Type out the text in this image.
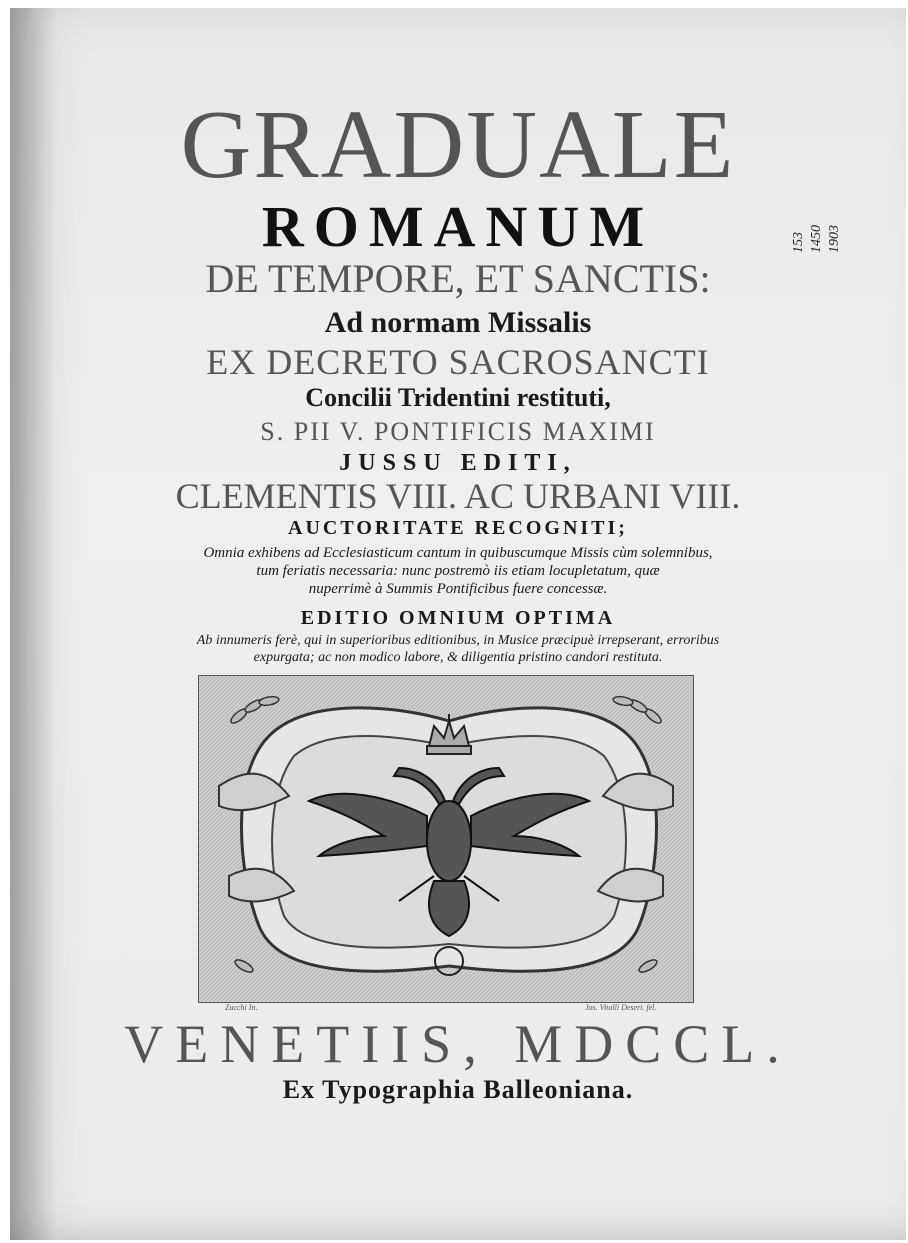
GRADUALE
ROMANUM
DE TEMPORE, ET SANCTIS:
Ad normam Missalis
EX DECRETO SACROSANCTI
Concilii Tridentini restituti,
S. PII V. PONTIFICIS MAXIMI
JUSSU EDITI,
CLEMENTIS VIII. AC URBANI VIII.
AUCTORITATE RECOGNITI;
Omnia exhibens ad Ecclesiasticum cantum in quibuscumque Missis cùm solemnibus,
tum feriatis necessaria: nunc postremò iis etiam locupletatum, quæ
nuperrimè à Summis Pontificibus fuere concessæ.
EDITIO OMNIUM OPTIMA
Ab innumeris ferè, qui in superioribus editionibus, in Musice præcipuè irrepserant, erroribus
expurgata; ac non modico labore, & diligentia pristino candori restituta.
Zucchi In.	Jos. Vitalli Deseri. fel.
VENETIIS, MDCCL.
Ex Typographia Balleoniana.
153 1450 1903
